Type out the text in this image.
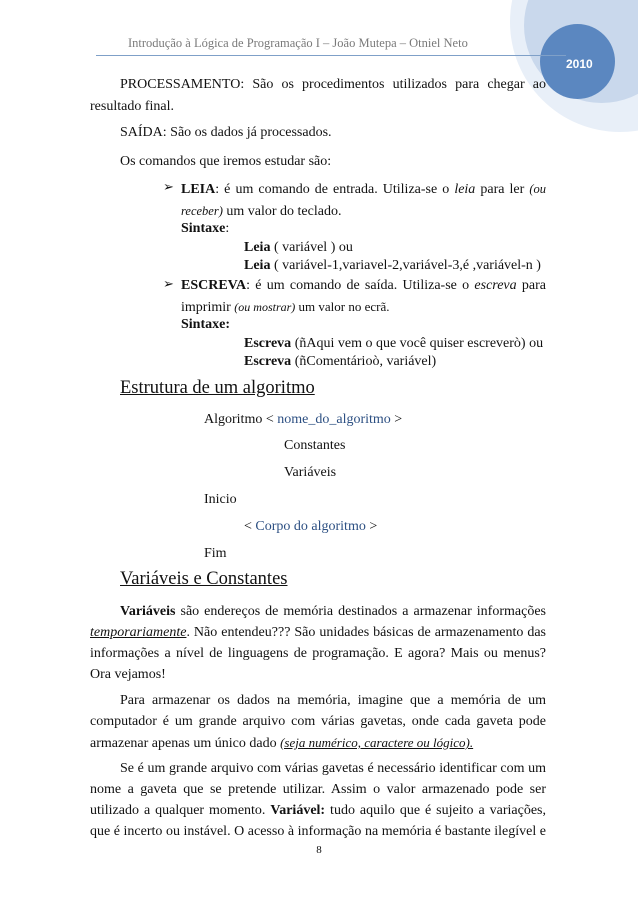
2010
Introdução à Lógica de Programação I – João Mutepa – Otniel Neto
PROCESSAMENTO: São os procedimentos utilizados para chegar ao
resultado final.
SAÍDA: São os dados já processados.
Os comandos que iremos estudar são:
➢ LEIA: é um comando de entrada. Utiliza-se o leia para ler (ou
receber) um valor do teclado.
Sintaxe:
Leia ( variável ) ou
Leia ( variável-1,variavel-2,variável-3,é ,variável-n )
➢ ESCREVA: é um comando de saída. Utiliza-se o escreva para
imprimir (ou mostrar) um valor no ecrã.
Sintaxe:
Escreva (ñAqui vem o que você quiser escreverò) ou
Escreva (ñComentárioò, variável)
Estrutura de um algoritmo
Algoritmo < nome_do_algoritmo >
Constantes
Variáveis
Inicio
< Corpo do algoritmo >
Fim
Variáveis e Constantes
Variáveis são endereços de memória destinados a armazenar informações
temporariamente. Não entendeu??? São unidades básicas de armazenamento das
informações a nível de linguagens de programação. E agora? Mais ou menus?
Ora vejamos!
Para armazenar os dados na memória, imagine que a memória de um
computador é um grande arquivo com várias gavetas, onde cada gaveta pode
armazenar apenas um único dado (seja numérico, caractere ou lógico).
Se é um grande arquivo com várias gavetas é necessário identificar com um
nome a gaveta que se pretende utilizar. Assim o valor armazenado pode ser
utilizado a qualquer momento. Variável: tudo aquilo que é sujeito a variações,
que é incerto ou instável. O acesso à informação na memória é bastante ilegível e
8
